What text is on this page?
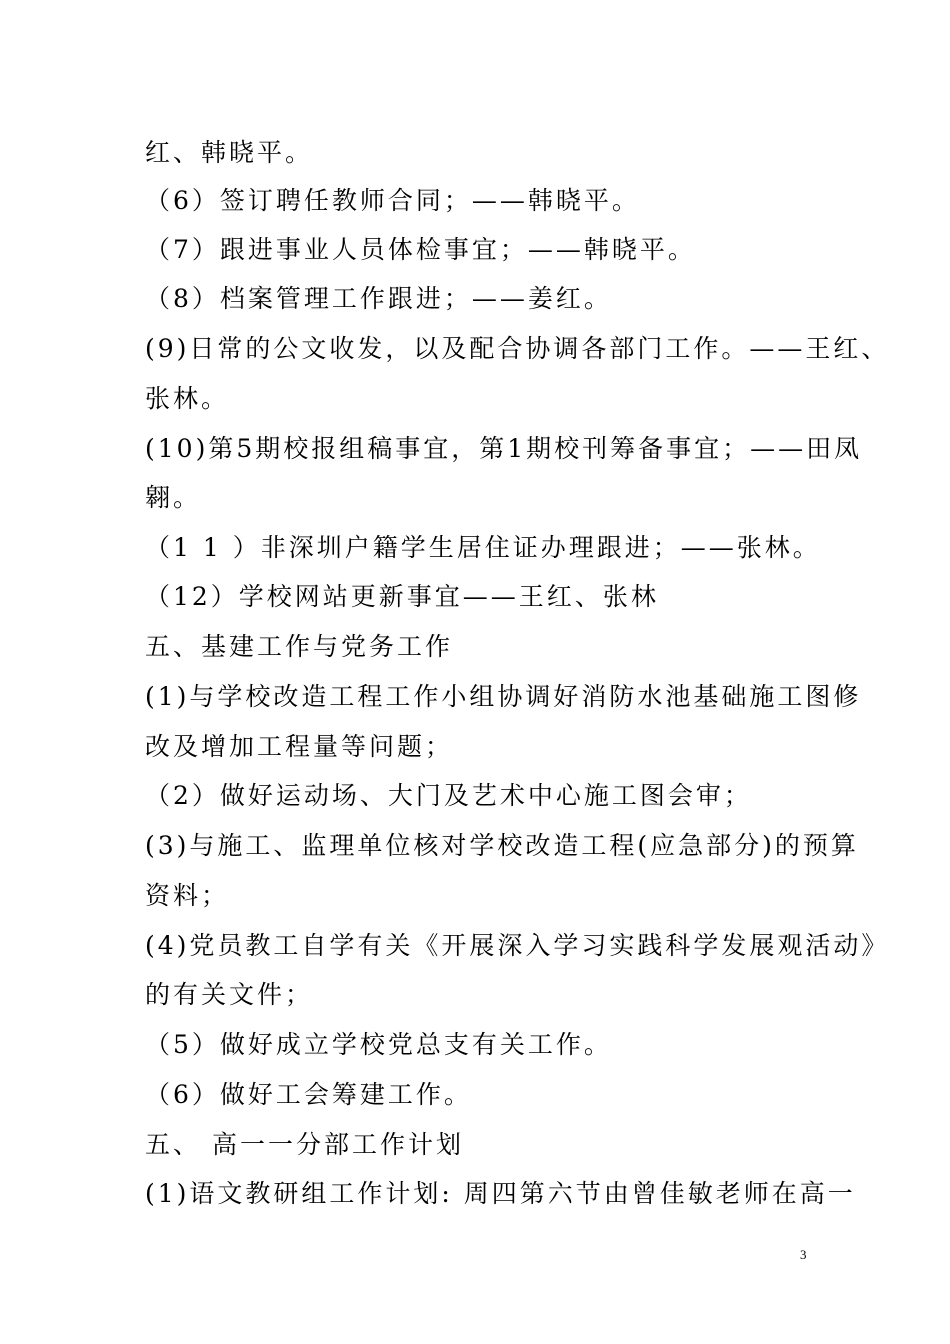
红、韩晓平。
（6）签订聘任教师合同；——韩晓平。
（7）跟进事业人员体检事宜；——韩晓平。
（8）档案管理工作跟进；——姜红。
(9)日常的公文收发，以及配合协调各部门工作。——王红、
张林。
(10)第5期校报组稿事宜，第1期校刊筹备事宜；——田凤
翱。
（1 1 ）非深圳户籍学生居住证办理跟进；——张林。
（12）学校网站更新事宜——王红、张林
五、基建工作与党务工作
(1)与学校改造工程工作小组协调好消防水池基础施工图修
改及增加工程量等问题；
（2）做好运动场、大门及艺术中心施工图会审；
(3)与施工、监理单位核对学校改造工程(应急部分)的预算
资料；
(4)党员教工自学有关《开展深入学习实践科学发展观活动》
的有关文件；
（5）做好成立学校党总支有关工作。
（6）做好工会筹建工作。
五、 高一一分部工作计划
(1)语文教研组工作计划: 周四第六节由曾佳敏老师在高一
3
